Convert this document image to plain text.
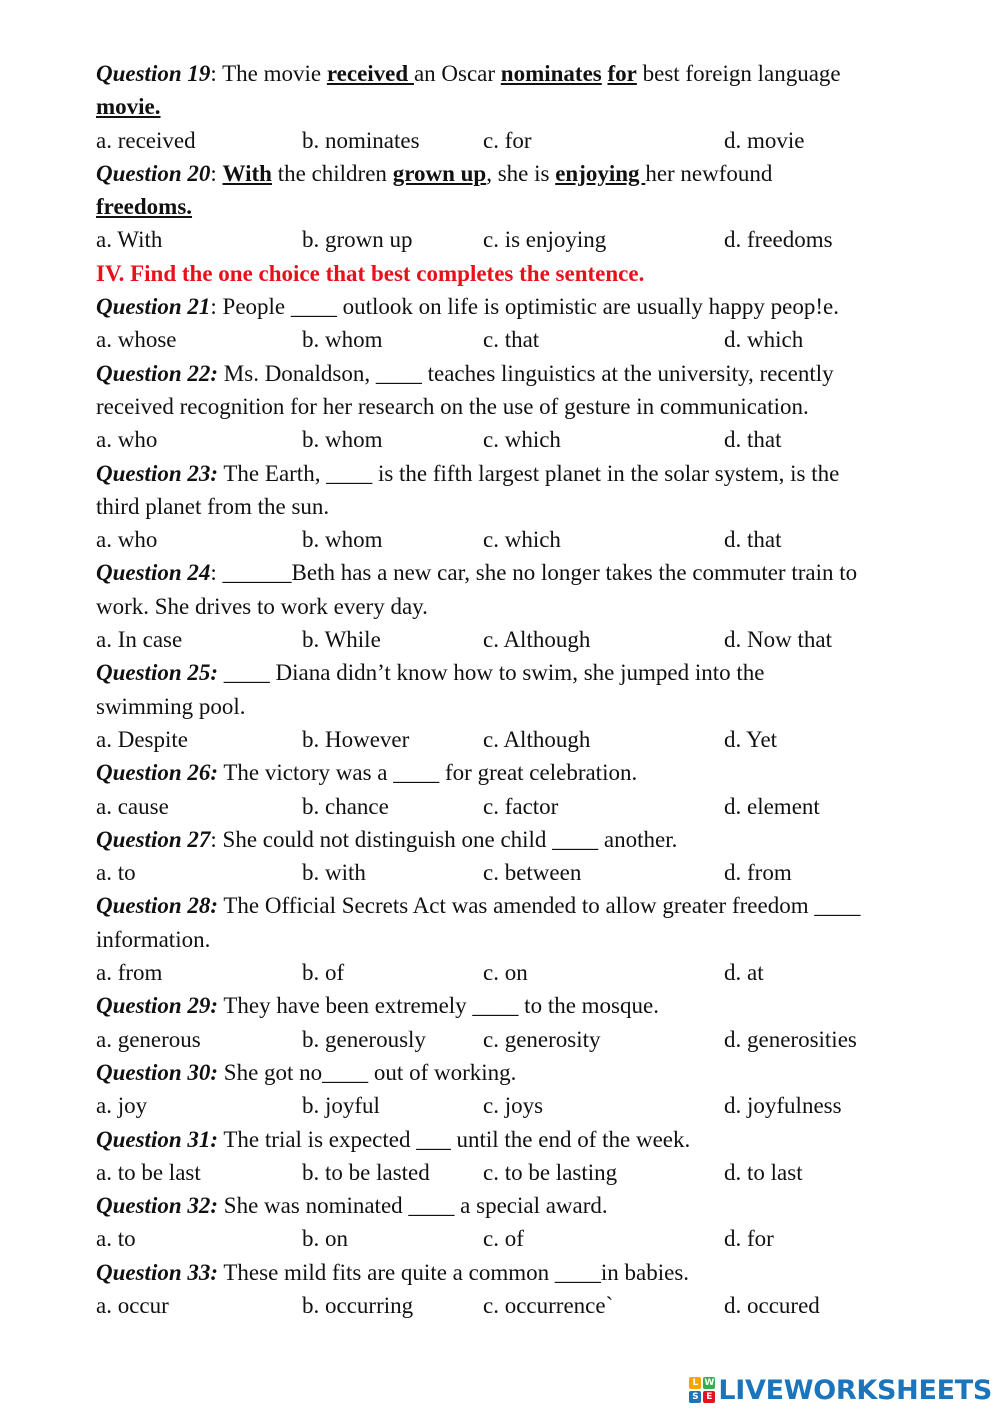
Question 19: The movie received an Oscar nominates for best foreign language
movie.
a. received	b. nominates	c. for	d. movie
Question 20: With the children grown up, she is enjoying her newfound
freedoms.
a. With	b. grown up	c. is enjoying	d. freedoms
IV. Find the one choice that best completes the sentence.
Question 21: People ____ outlook on life is optimistic are usually happy peop!e.
a. whose	b. whom	c. that	d. which
Question 22: Ms. Donaldson, ____ teaches linguistics at the university, recently
received recognition for her research on the use of gesture in communication.
a. who	b. whom	c. which	d. that
Question 23: The Earth, ____ is the fifth largest planet in the solar system, is the
third planet from the sun.
a. who	b. whom	c. which	d. that
Question 24: ______Beth has a new car, she no longer takes the commuter train to
work. She drives to work every day.
a. In case	b. While	c. Although	d. Now that
Question 25: ____ Diana didn’t know how to swim, she jumped into the
swimming pool.
a. Despite	b. However	c. Although	d. Yet
Question 26: The victory was a ____ for great celebration.
a. cause	b. chance	c. factor	d. element
Question 27: She could not distinguish one child ____ another.
a. to	b. with	c. between	d. from
Question 28: The Official Secrets Act was amended to allow greater freedom ____
information.
a. from	b. of	c. on	d. at
Question 29: They have been extremely ____ to the mosque.
a. generous	b. generously c. generosity	d. generosities
Question 30: She got no____ out of working.
a. joy	b. joyful	c. joys	d. joyfulness
Question 31: The trial is expected ___ until the end of the week.
a. to be last	b. to be lasted c. to be lasting	d. to last
Question 32: She was nominated ____ a special award.
a. to	b. on	c. of	d. for
Question 33: These mild fits are quite a common ____in babies.
a. occur	b. occurring	c. occurrence`	d. occured
L W
S E LIVEWORKSHEETS
